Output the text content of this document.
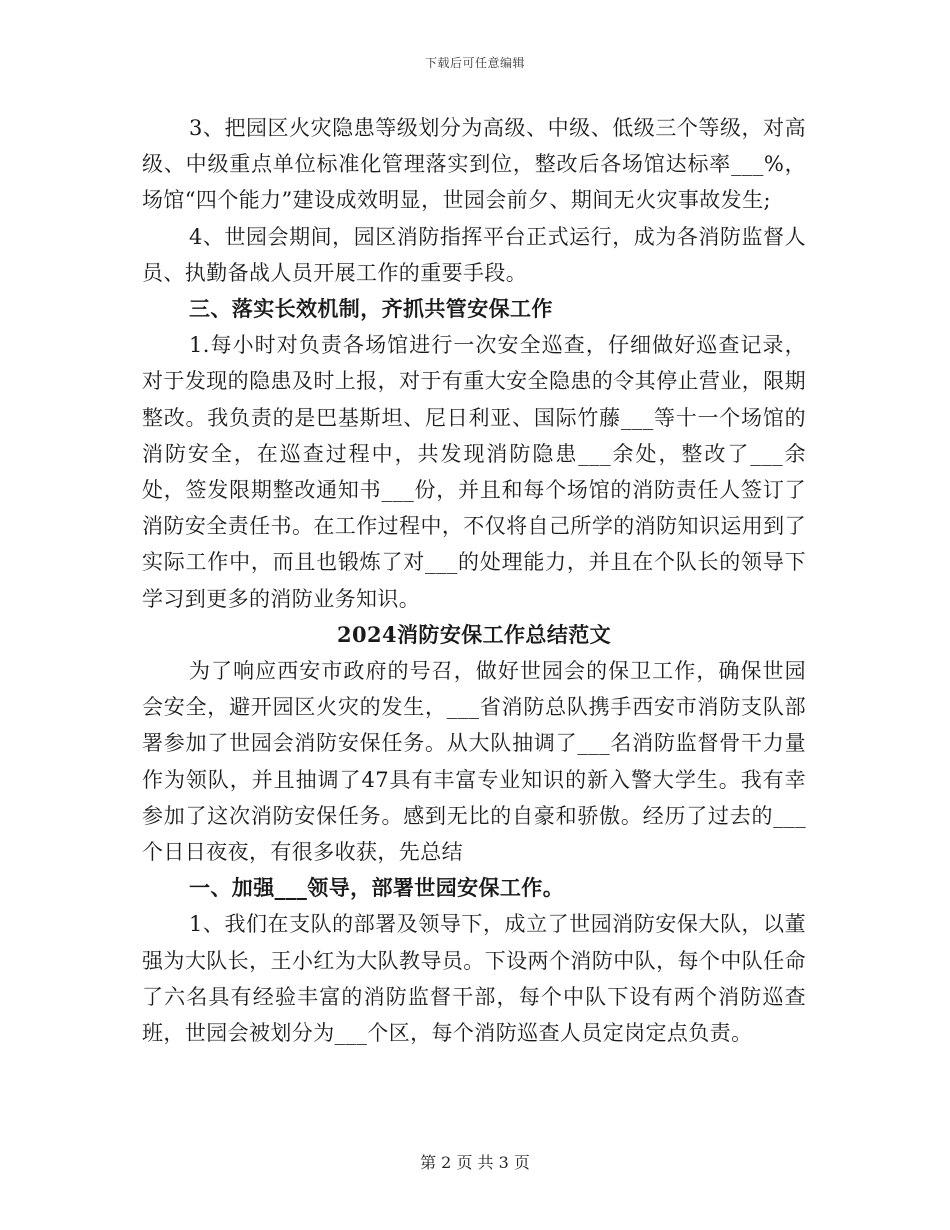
下载后可任意编辑

3、把园区火灾隐患等级划分为高级、中级、低级三个等级，对高级、中级重点单位标准化管理落实到位，整改后各场馆达标率___%，场馆“四个能力”建设成效明显，世园会前夕、期间无火灾事故发生;

4、世园会期间，园区消防指挥平台正式运行，成为各消防监督人员、执勤备战人员开展工作的重要手段。

三、落实长效机制，齐抓共管安保工作

1.每小时对负责各场馆进行一次安全巡查，仔细做好巡查记录，对于发现的隐患及时上报，对于有重大安全隐患的令其停止营业，限期整改。我负责的是巴基斯坦、尼日利亚、国际竹藤___等十一个场馆的消防安全，在巡查过程中，共发现消防隐患___余处，整改了___余处，签发限期整改通知书___份，并且和每个场馆的消防责任人签订了消防安全责任书。在工作过程中，不仅将自己所学的消防知识运用到了实际工作中，而且也锻炼了对___的处理能力，并且在个队长的领导下学习到更多的消防业务知识。

2024消防安保工作总结范文

为了响应西安市政府的号召，做好世园会的保卫工作，确保世园会安全，避开园区火灾的发生，___省消防总队携手西安市消防支队部署参加了世园会消防安保任务。从大队抽调了___名消防监督骨干力量作为领队，并且抽调了47具有丰富专业知识的新入警大学生。我有幸参加了这次消防安保任务。感到无比的自豪和骄傲。经历了过去的___个日日夜夜，有很多收获，先总结

一、加强___领导，部署世园安保工作。

1、我们在支队的部署及领导下，成立了世园消防安保大队，以董强为大队长，王小红为大队教导员。下设两个消防中队，每个中队任命了六名具有经验丰富的消防监督干部，每个中队下设有两个消防巡查班，世园会被划分为___个区，每个消防巡查人员定岗定点负责。

第 2 页 共 3 页
